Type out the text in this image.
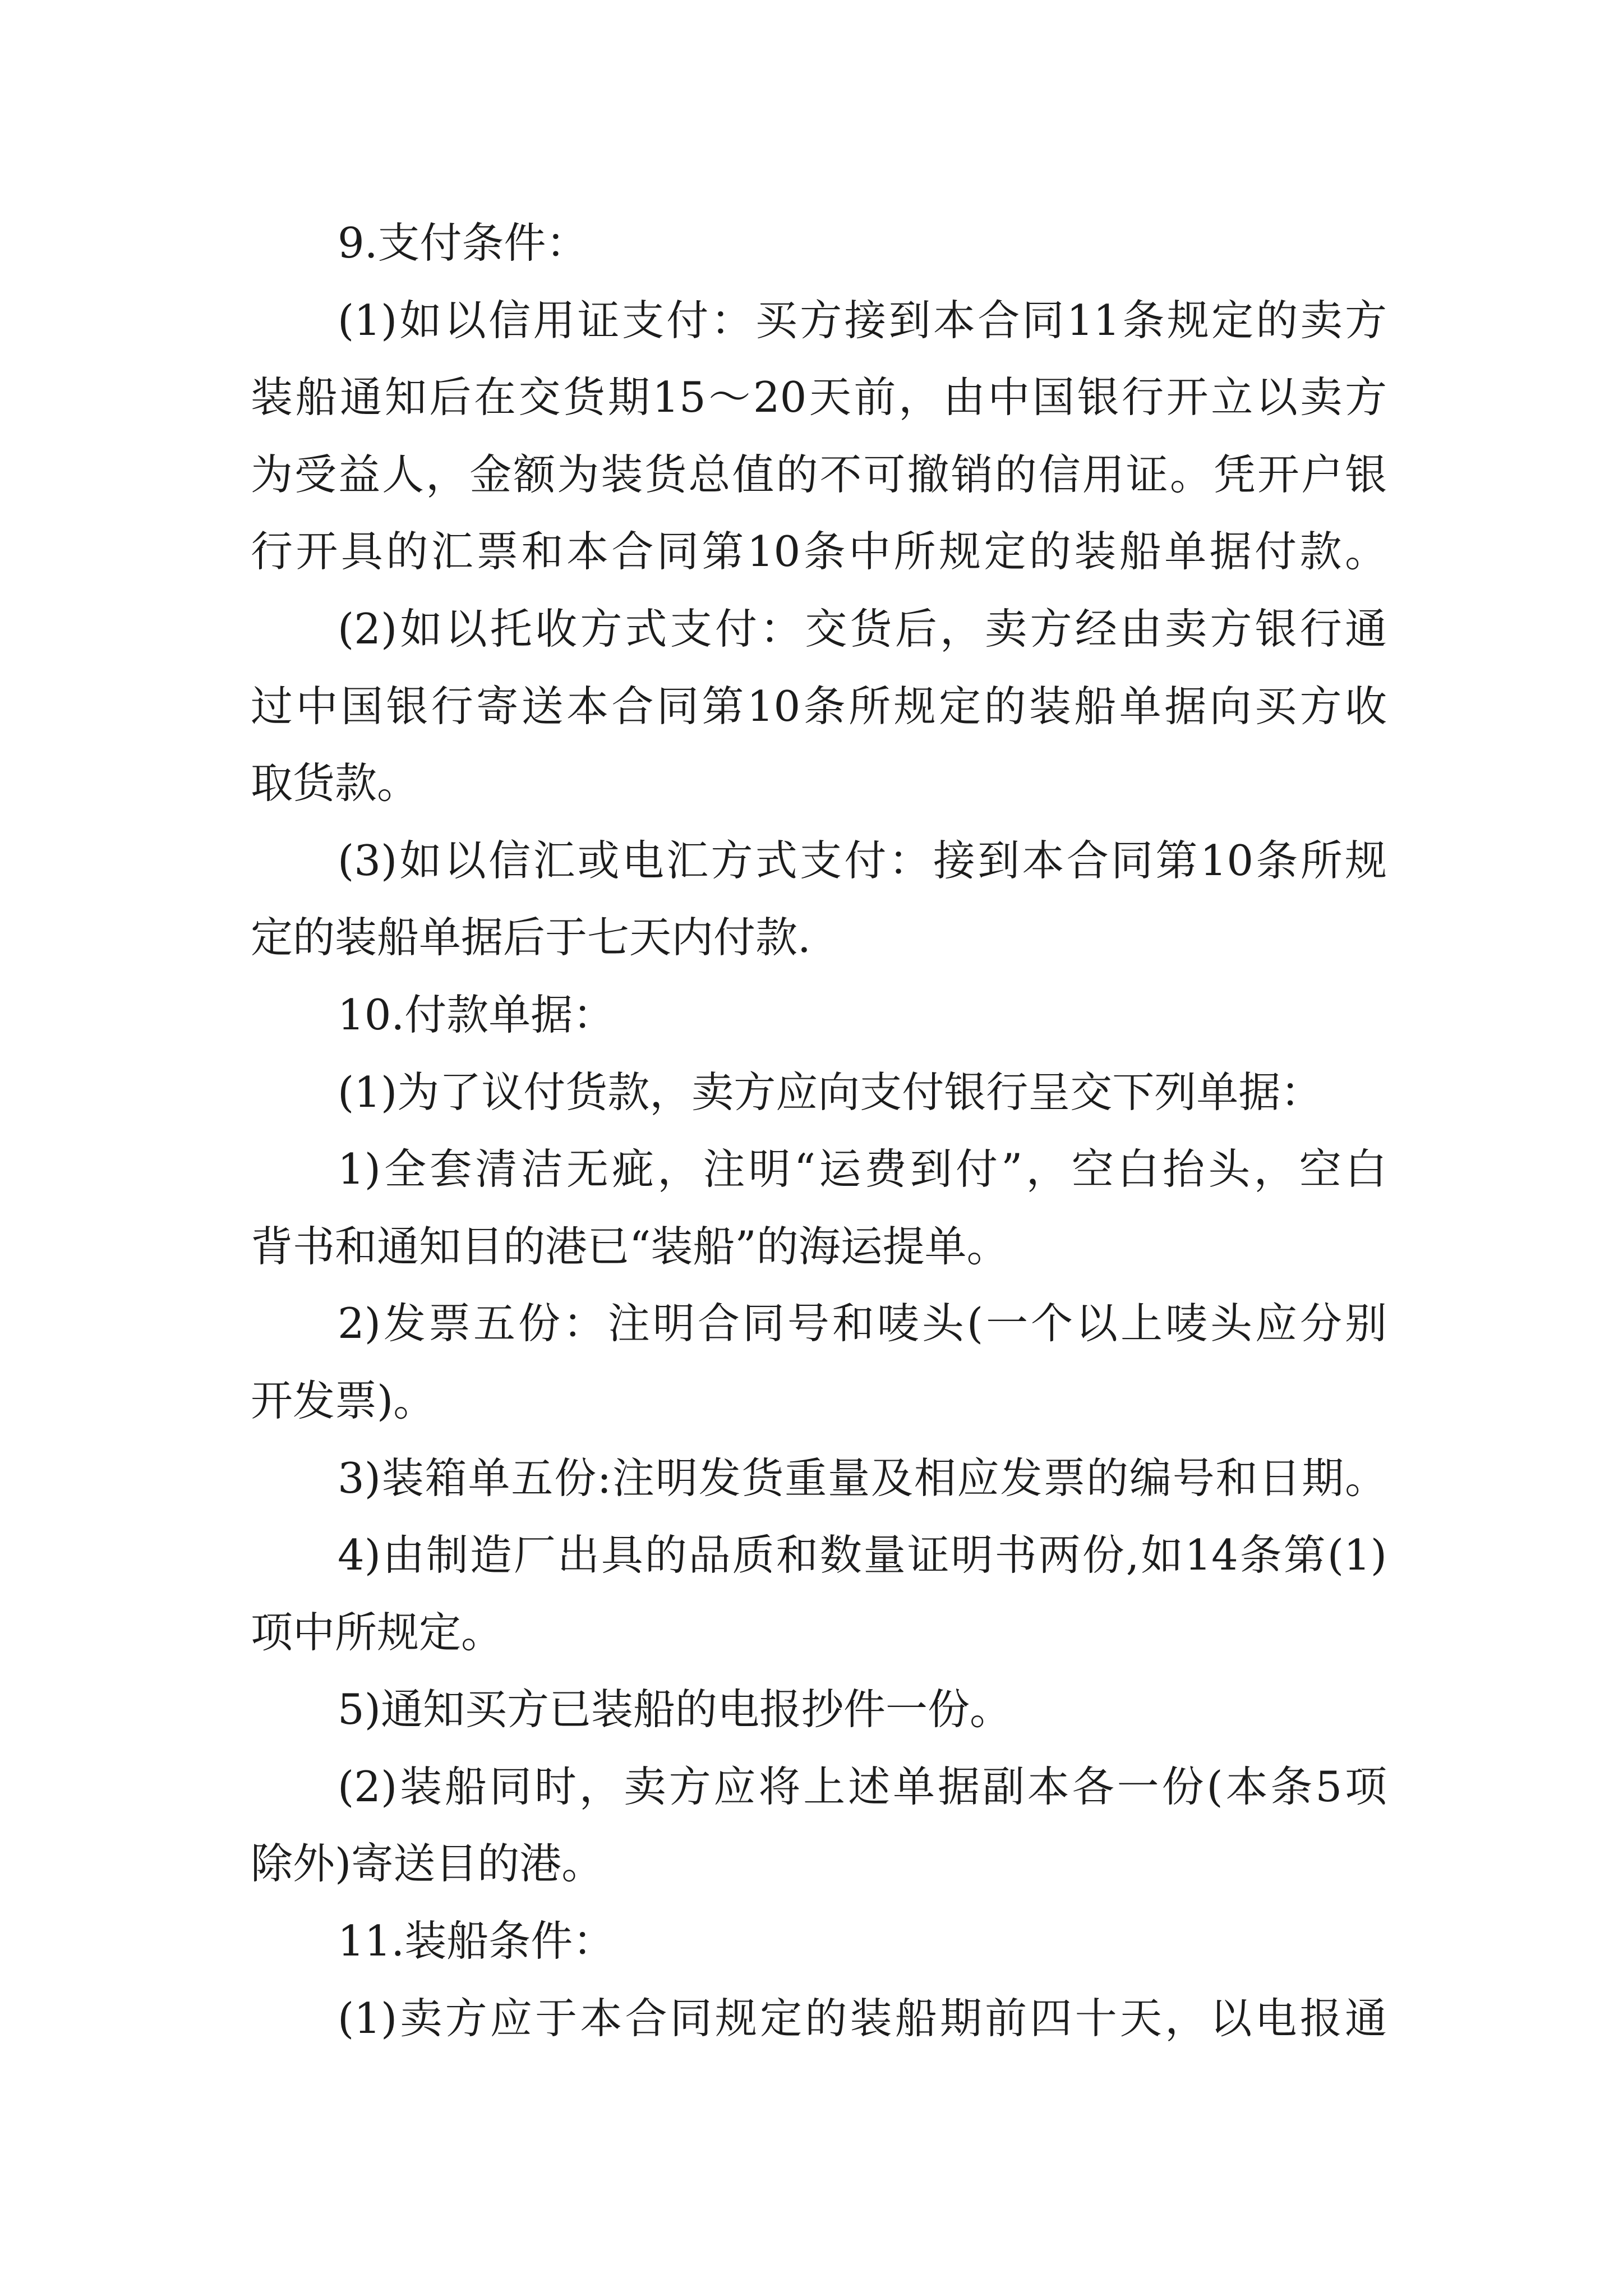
9.支付条件：
(1)如以信用证支付：买方接到本合同11条规定的卖方
装船通知后在交货期15～20天前，由中国银行开立以卖方
为受益人，金额为装货总值的不可撤销的信用证。凭开户银
行开具的汇票和本合同第10条中所规定的装船单据付款。
(2)如以托收方式支付：交货后，卖方经由卖方银行通
过中国银行寄送本合同第10条所规定的装船单据向买方收
取货款。
(3)如以信汇或电汇方式支付：接到本合同第10条所规
定的装船单据后于七天内付款.
10.付款单据：
(1)为了议付货款，卖方应向支付银行呈交下列单据：
1)全套清洁无疵，注明“运费到付”，空白抬头，空白
背书和通知目的港已“装船”的海运提单。
2)发票五份：注明合同号和唛头(一个以上唛头应分别
开发票)。
3)装箱单五份:注明发货重量及相应发票的编号和日期。
4)由制造厂出具的品质和数量证明书两份,如14条第(1)
项中所规定。
5)通知买方已装船的电报抄件一份。
(2)装船同时，卖方应将上述单据副本各一份(本条5项
除外)寄送目的港。
11.装船条件：
(1)卖方应于本合同规定的装船期前四十天，以电报通
